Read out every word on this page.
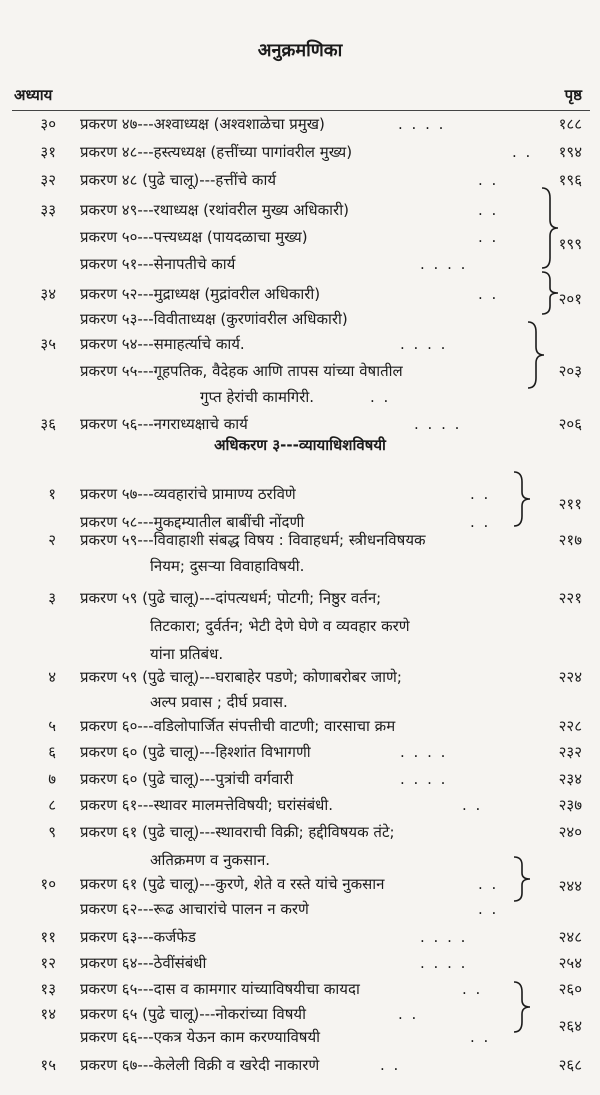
अनुक्रमणिका
अध्याय	पृष्ठ
अधिकरण ३---व्यायाधिशविषयी
३० प्रकरण ४७---अश्वाध्यक्ष (अश्वशाळेचा प्रमुख)	. . . .	१८८
३१ प्रकरण ४८---हस्त्यध्यक्ष (हत्तींच्या पागांवरील मुख्य)	. . १९४
३२ प्रकरण ४८ (पुढे चालू)---हत्तींचे कार्य	. .	१९६
३३ प्रकरण ४९---रथाध्यक्ष (रथांवरील मुख्य अधिकारी)	. .
प्रकरण ५०---पत्त्यध्यक्ष (पायदळाचा मुख्य)	. .	१९९
प्रकरण ५१---सेनापतीचे कार्य	. . . .
३४ प्रकरण ५२---मुद्राध्यक्ष (मुद्रांवरील अधिकारी)	. .	२०१
प्रकरण ५३---विवीताध्यक्ष (कुरणांवरील अधिकारी)
३५ प्रकरण ५४---समाहर्त्याचे कार्य.	. . . .
प्रकरण ५५---गूहपतिक, वैदेहक आणि तापस यांच्या वेषातील	२०३
गुप्त हेरांची कामगिरी.	. .
३६ प्रकरण ५६---नगराध्यक्षाचे कार्य	. . . .	२०६
१ प्रकरण ५७---व्यवहारांचे प्रामाण्य ठरविणे	. .
२११
प्रकरण ५८---मुकद्दम्यातील बाबींची नोंदणी	. .
२ प्रकरण ५९---विवाहाशी संबद्ध विषय : विवाहधर्म; स्त्रीधनविषयक	२१७
नियम; दुसऱ्या विवाहाविषयी.
३ प्रकरण ५९ (पुढे चालू)---दांपत्यधर्म; पोटगी; निष्ठुर वर्तन;	२२१
तिटकारा; दुर्वर्तन; भेटी देणे घेणे व व्यवहार करणे
यांना प्रतिबंध.
४ प्रकरण ५९ (पुढे चालू)---घराबाहेर पडणे; कोणाबरोबर जाणे;	२२४
अल्प प्रवास ; दीर्घ प्रवास.
५ प्रकरण ६०---वडिलोपार्जित संपत्तीची वाटणी; वारसाचा क्रम	२२८
६ प्रकरण ६० (पुढे चालू)---हिश्शांत विभागणी	. . . .	२३२
७ प्रकरण ६० (पुढे चालू)---पुत्रांची वर्गवारी	. . . .	२३४
८ प्रकरण ६१---स्थावर मालमत्तेविषयी; घरांसंबंधी.	. .	२३७
९ प्रकरण ६१ (पुढे चालू)---स्थावराची विक्री; हद्दीविषयक तंटे;	२४०
अतिक्रमण व नुकसान.
१० प्रकरण ६१ (पुढे चालू)---कुरणे, शेते व रस्ते यांचे नुकसान	. .	२४४
प्रकरण ६२---रूढ आचारांचे पालन न करणे	. .
११ प्रकरण ६३---कर्जफेड	. . . .	२४८
१२ प्रकरण ६४---ठेवींसंबंधी	. . . .	२५४
१३ प्रकरण ६५---दास व कामगार यांच्याविषयीचा कायदा	. .	२६०
१४ प्रकरण ६५ (पुढे चालू)---नोकरांच्या विषयी	. .
२६४
प्रकरण ६६---एकत्र येऊन काम करण्याविषयी	. .
१५ प्रकरण ६७---केलेली विक्री व खरेदी नाकारणे	. .	२६८
